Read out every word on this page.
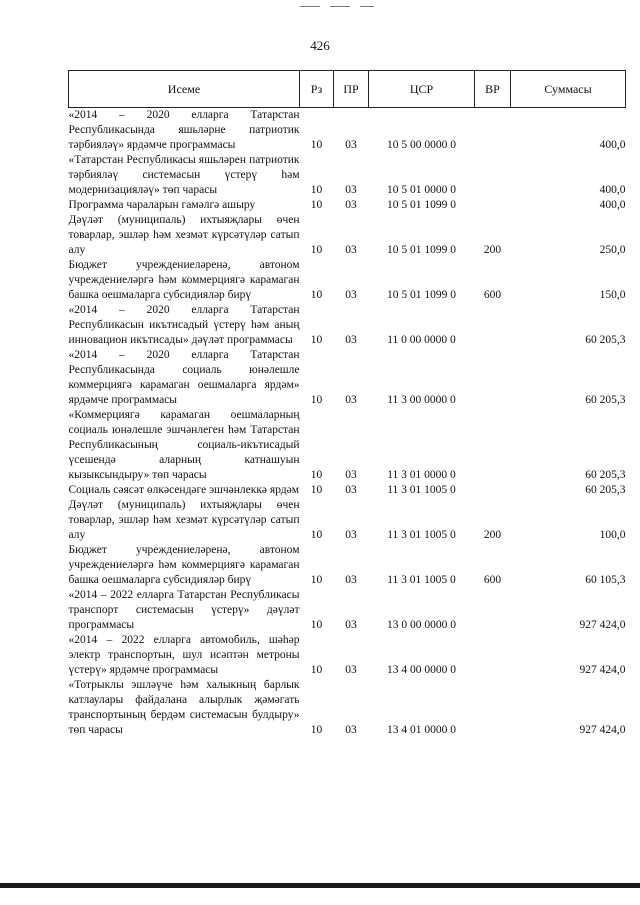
426
Исеме	Рз	ПР	ЦСР	ВР	Суммасы
«2014 – 2020 елларга Татарстан Республикасында яшьләрне патриотик тәрбияләү» ярдәмче программасы	10	03	10 5 00 0000 0		400,0
«Татарстан Республикасы яшьләрен патриотик тәрбияләү системасын үстерү һәм модернизацияләү» төп чарасы	10	03	10 5 01 0000 0		400,0
Программа чараларын гамәлгә ашыру	10	03	10 5 01 1099 0		400,0
Дәүләт (муниципаль) ихтыяҗлары өчен товарлар, эшләр һәм хезмәт күрсәтүләр сатып алу	10	03	10 5 01 1099 0	200	250,0
Бюджет учреждениеләренә, автоном учреждениеләргә һәм коммерциягә карамаган башка оешмаларга субсидияләр бирү	10	03	10 5 01 1099 0	600	150,0
«2014 – 2020 елларга Татарстан Республикасын икътисадый үстерү һәм аның инновацион икътисады» дәүләт программасы	10	03	11 0 00 0000 0		60 205,3
«2014 – 2020 елларга Татарстан Республикасында социаль юнәлешле коммерциягә карамаган оешмаларга ярдәм» ярдәмче программасы	10	03	11 3 00 0000 0		60 205,3
«Коммерциягә карамаган оешмаларның социаль юнәлешле эшчәнлеген һәм Татарстан Республикасының социаль-икътисадый үсешендә аларның катнашуын кызыксындыру» төп чарасы	10	03	11 3 01 0000 0		60 205,3
Социаль сәясәт өлкәсендәге эшчәнлеккә ярдәм	10	03	11 3 01 1005 0		60 205,3
Дәүләт (муниципаль) ихтыяҗлары өчен товарлар, эшләр һәм хезмәт күрсәтүләр сатып алу	10	03	11 3 01 1005 0	200	100,0
Бюджет учреждениеләренә, автоном учреждениеләргә һәм коммерциягә карамаган башка оешмаларга субсидияләр бирү	10	03	11 3 01 1005 0	600	60 105,3
«2014 – 2022 елларга Татарстан Республикасы транспорт системасын үстерү» дәүләт программасы	10	03	13 0 00 0000 0		927 424,0
«2014 – 2022 елларга автомобиль, шәһәр электр транспортын, шул исәптән метроны үстерү» ярдәмче программасы	10	03	13 4 00 0000 0		927 424,0
«Тотрыклы эшләүче һәм халыкның барлык катлаулары файдалана алырлык җәмәгать транспортының бердәм системасын булдыру» төп чарасы	10	03	13 4 01 0000 0		927 424,0
